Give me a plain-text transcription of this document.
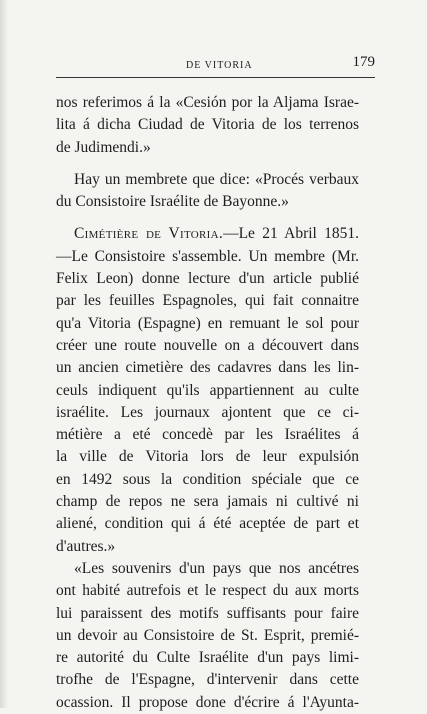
DE VITORIA	179
nos referimos á la «Cesión por la Aljama Israe-
lita á dicha Ciudad de Vitoria de los terrenos
de Judimendi.»
Hay un membrete que dice: «Procés verbaux
du Consistoire Israélite de Bayonne.»
Cimétière de Vitoria.—Le 21 Abril 1851.
—Le Consistoire s'assemble. Un membre (Mr.
Felix Leon) donne lecture d'un article publié
par les feuilles Espagnoles, qui fait connaitre
qu'a Vitoria (Espagne) en remuant le sol pour
créer une route nouvelle on a découvert dans
un ancien cimetière des cadavres dans les lin-
ceuls indiquent qu'ils appartiennent au culte
israélite. Les journaux ajontent que ce ci-
métière a eté concedè par les Israélites á
la ville de Vitoria lors de leur expulsión
en 1492 sous la condition spéciale que ce
champ de repos ne sera jamais ni cultivé ni
aliené, condition qui á été aceptée de part et
d'autres.»
«Les souvenirs d'un pays que nos ancétres
ont habité autrefois et le respect du aux morts
lui paraissent des motifs suffisants pour faire
un devoir au Consistoire de St. Esprit, premié-
re autorité du Culte Israélite d'un pays limi-
trofhe de l'Espagne, d'intervenir dans cette
ocassion. Il propose done d'écrire á l'Ayunta-
